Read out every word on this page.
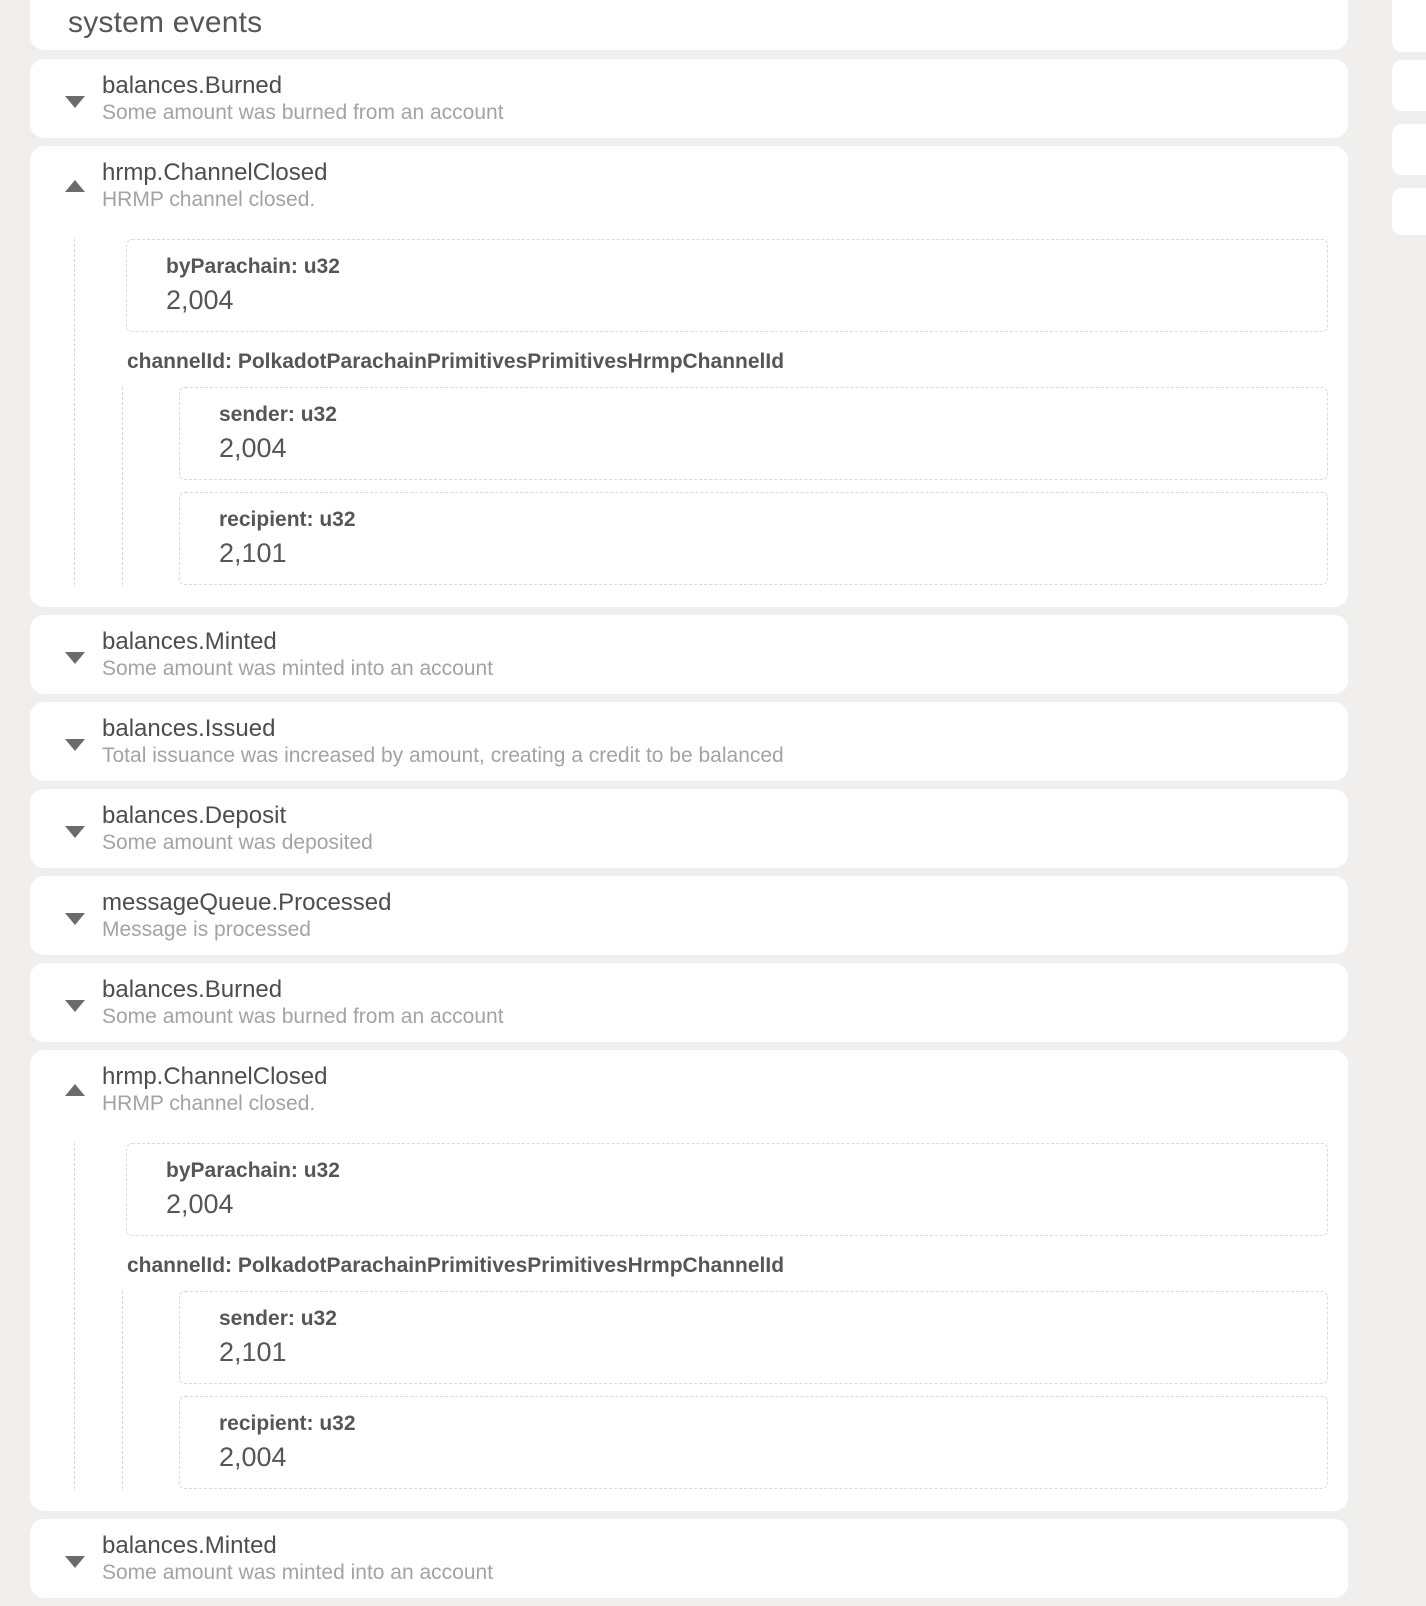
system events
balances.Burned
Some amount was burned from an account
hrmp.ChannelClosed
HRMP channel closed.
byParachain: u32
2,004
channelId: PolkadotParachainPrimitivesPrimitivesHrmpChannelId
sender: u32
2,004
recipient: u32
2,101
balances.Minted
Some amount was minted into an account
balances.Issued
Total issuance was increased by amount, creating a credit to be balanced
balances.Deposit
Some amount was deposited
messageQueue.Processed
Message is processed
balances.Burned
Some amount was burned from an account
hrmp.ChannelClosed
HRMP channel closed.
byParachain: u32
2,004
channelId: PolkadotParachainPrimitivesPrimitivesHrmpChannelId
sender: u32
2,101
recipient: u32
2,004
balances.Minted
Some amount was minted into an account
